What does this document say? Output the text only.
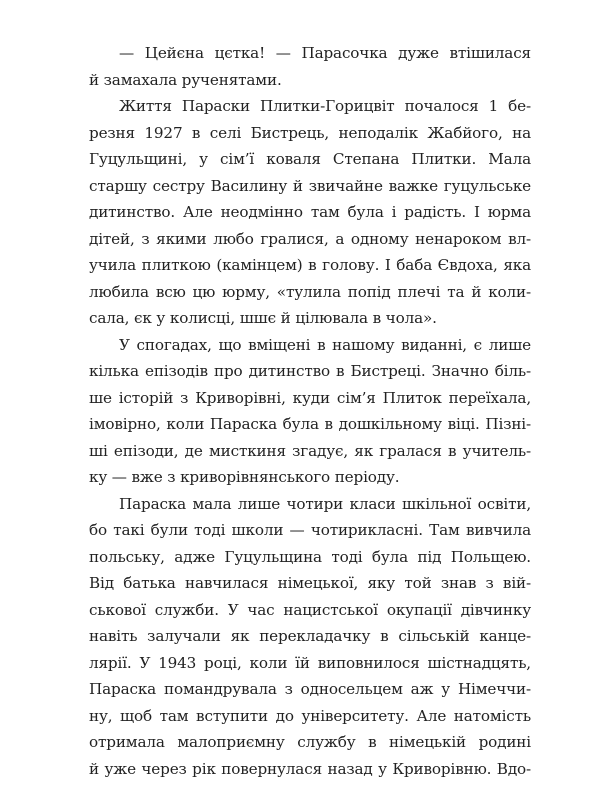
— Цейєна цєтка! — Парасочка дуже втішилася
й замахала рученятами.

Життя Параски Плитки-Горицвіт почалося 1 бе-
резня 1927 в селі Бистрець, неподалік Жабйого, на
Гуцульщині, у сім’ї коваля Степана Плитки. Мала
старшу сестру Василину й звичайне важке гуцульське
дитинство. Але неодмінно там була і радість. І юрма
дітей, з якими любо гралися, а одному ненароком вл-
учила плиткою (камінцем) в голову. І баба Євдоха, яка
любила всю цю юрму, «тулила попід плечі та й коли-
сала, єк у колисці, шшє й цілювала в чола».

У спогадах, що вміщені в нашому виданні, є лише
кілька епізодів про дитинство в Бистреці. Значно біль-
ше історій з Криворівні, куди сім’я Плиток переїхала,
імовірно, коли Параска була в дошкільному віці. Пізні-
ші епізоди, де мисткиня згадує, як гралася в учитель-
ку — вже з криворівнянського періоду.

Параска мала лише чотири класи шкільної освіти,
бо такі були тоді школи — чотирикласні. Там вивчила
польську, адже Гуцульщина тоді була під Польщею.
Від батька навчилася німецької, яку той знав з вій-
ськової служби. У час нацистської окупації дівчинку
навіть залучали як перекладачку в сільській канце-
лярії. У 1943 році, коли їй виповнилося шістнадцять,
Параска помандрувала з односельцем аж у Німеччи-
ну, щоб там вступити до університету. Але натомість
отримала малоприємну службу в німецькій родині
й уже через рік повернулася назад у Криворівню. Вдо-
